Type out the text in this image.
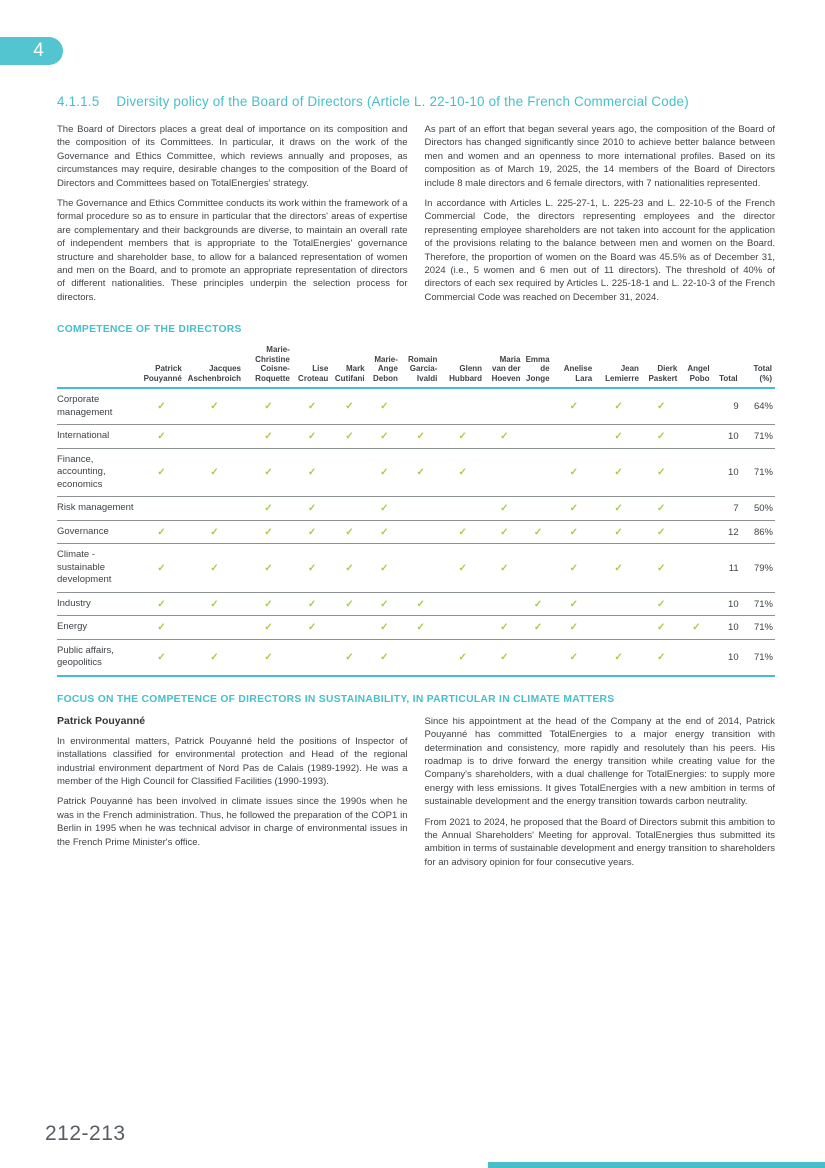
4
4.1.1.5 Diversity policy of the Board of Directors (Article L. 22-10-10 of the French Commercial Code)

The Board of Directors places a great deal of importance on its composition and the composition of its Committees. In particular, it draws on the work of the Governance and Ethics Committee, which reviews annually and proposes, as circumstances may require, desirable changes to the composition of the Board of Directors and Committees based on TotalEnergies' strategy.

The Governance and Ethics Committee conducts its work within the framework of a formal procedure so as to ensure in particular that the directors' areas of expertise are complementary and their backgrounds are diverse, to maintain an overall rate of independent members that is appropriate to the TotalEnergies' governance structure and shareholder base, to allow for a balanced representation of women and men on the Board, and to promote an appropriate representation of directors of different nationalities. These principles underpin the selection process for directors.

As part of an effort that began several years ago, the composition of the Board of Directors has changed significantly since 2010 to achieve better balance between men and women and an openness to more international profiles. Based on its composition as of March 19, 2025, the 14 members of the Board of Directors include 8 male directors and 6 female directors, with 7 nationalities represented.

In accordance with Articles L. 225-27-1, L. 225-23 and L. 22-10-5 of the French Commercial Code, the directors representing employees and the director representing employee shareholders are not taken into account for the application of the provisions relating to the balance between men and women on the Board. Therefore, the proportion of women on the Board was 45.5% as of December 31, 2024 (i.e., 5 women and 6 men out of 11 directors). The threshold of 40% of directors of each sex required by Articles L. 225-18-1 and L. 22-10-3 of the French Commercial Code was reached on December 31, 2024.

COMPETENCE OF THE DIRECTORS
	Patrick Pouyanné	Jacques Aschenbroich	Marie-Christine Coisne-Roquette	Lise Croteau	Mark Cutifani	Marie-Ange Debon	Romain Garcia-Ivaldi	Glenn Hubbard	Maria van der Hoeven	Emma de Jonge	Anelise Lara	Jean Lemierre	Dierk Paskert	Angel Pobo	Total	Total (%)
Corporate management	✓	✓	✓	✓	✓	✓					✓	✓	✓		9	64%
International	✓		✓	✓	✓	✓	✓	✓	✓			✓	✓		10	71%
Finance, accounting, economics	✓	✓	✓	✓		✓	✓	✓			✓	✓	✓		10	71%
Risk management			✓	✓		✓			✓		✓	✓	✓		7	50%
Governance	✓	✓	✓	✓	✓	✓		✓	✓	✓	✓	✓	✓		12	86%
Climate - sustainable development	✓	✓	✓	✓	✓	✓		✓	✓		✓	✓	✓		11	79%
Industry	✓	✓	✓	✓	✓	✓	✓			✓	✓		✓		10	71%
Energy	✓		✓	✓		✓	✓		✓	✓	✓		✓	✓	10	71%
Public affairs, geopolitics	✓	✓	✓		✓	✓		✓	✓		✓	✓	✓		10	71%
FOCUS ON THE COMPETENCE OF DIRECTORS IN SUSTAINABILITY, IN PARTICULAR IN CLIMATE MATTERS
Patrick Pouyanné

In environmental matters, Patrick Pouyanné held the positions of Inspector of installations classified for environmental protection and Head of the regional industrial environment department of Nord Pas de Calais (1989-1992). He was a member of the High Council for Classified Facilities (1990-1993).

Patrick Pouyanné has been involved in climate issues since the 1990s when he was in the French administration. Thus, he followed the preparation of the COP1 in Berlin in 1995 when he was technical advisor in charge of environmental issues in the French Prime Minister's office.

Since his appointment at the head of the Company at the end of 2014, Patrick Pouyanné has committed TotalEnergies to a major energy transition with determination and consistency, more rapidly and resolutely than his peers. His roadmap is to drive forward the energy transition while creating value for the Company's shareholders, with a dual challenge for TotalEnergies: to supply more energy with less emissions. It gives TotalEnergies with a new ambition in terms of sustainable development and the energy transition towards carbon neutrality.

From 2021 to 2024, he proposed that the Board of Directors submit this ambition to the Annual Shareholders' Meeting for approval. TotalEnergies thus submitted its ambition in terms of sustainable development and energy transition to shareholders for an advisory opinion for four consecutive years.

212-213
